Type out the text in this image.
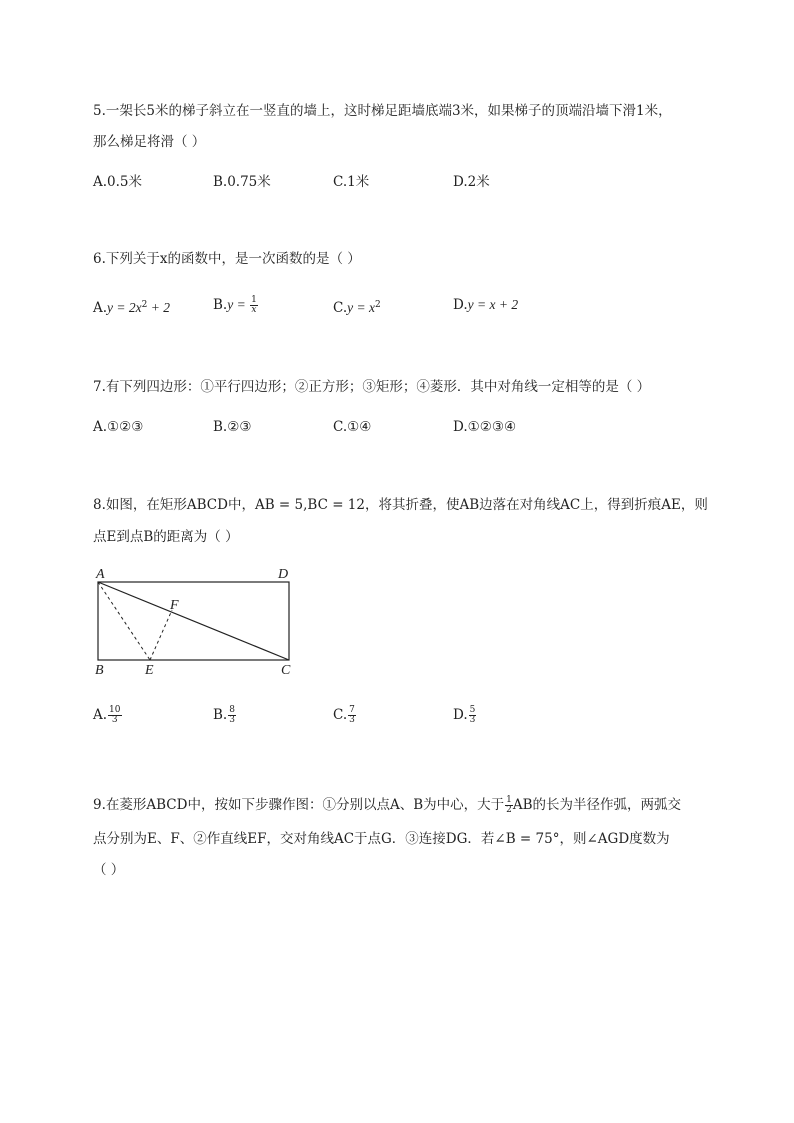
5.一架长5米的梯子斜立在一竖直的墙上，这时梯足距墙底端3米，如果梯子的顶端沿墙下滑1米，
那么梯足将滑（ ）
A.0.5米	B.0.75米	C.1米	D.2米
6.下列关于x的函数中，是一次函数的是（ ）
$A.y = 2x^2 + 2$	$B.y = \frac{1}{x}$	$C.y = x^2$	D.y = x + 2
7.有下列四边形：①平行四边形；②正方形；③矩形；④菱形．其中对角线一定相等的是（ ）
A.①②③	B.②③	C.①④	D.①②③④
8.如图，在矩形ABCD中，AB = 5,BC = 12，将其折叠，使AB边落在对角线AC上，得到折痕AE，则
点E到点B的距离为（ ）
A	D
F
B	E	C
A. $\frac{10}{3}$	B. $\frac{8}{3}$	C. $\frac{7}{3}$	D. $\frac{5}{3}$
9.在菱形ABCD中，按如下步骤作图：①分别以点A、B为中心，大于 $\frac{1}{2}$ AB的长为半径作弧，两弧交
点分别为E、F、②作直线EF，交对角线AC于点G．③连接DG．若∠B = 75°，则∠AGD度数为
（ ）
